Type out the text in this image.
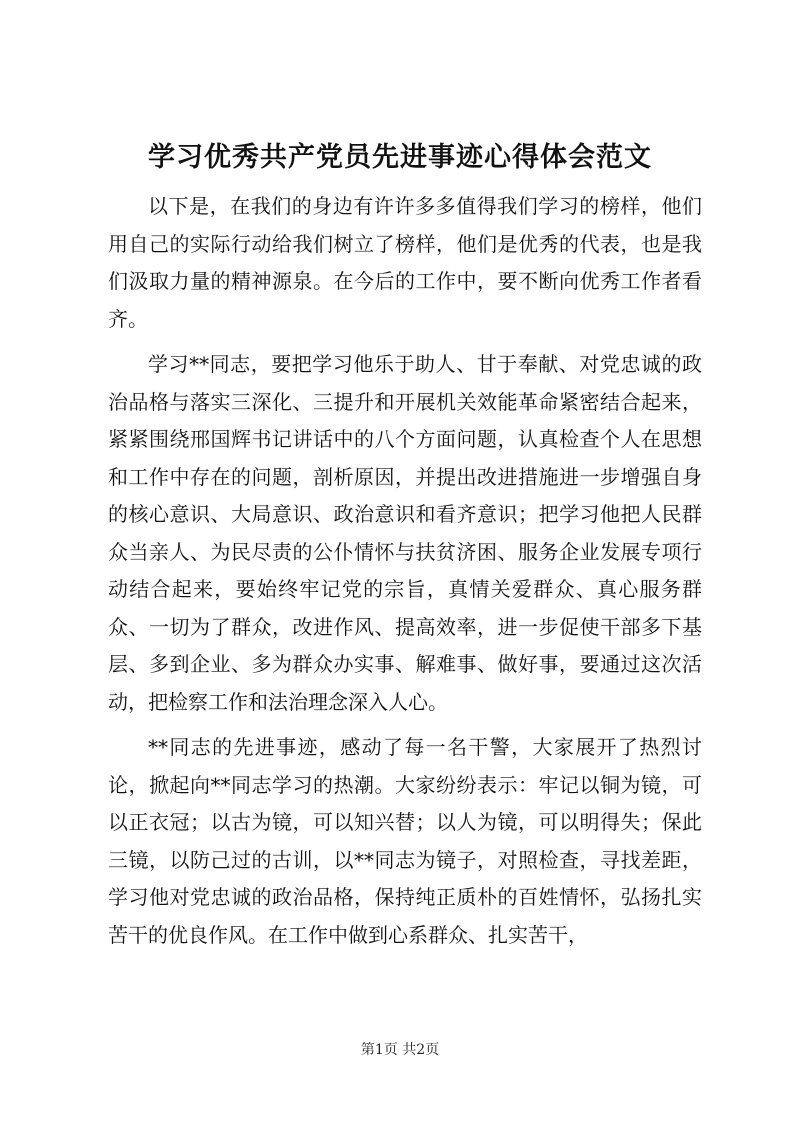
学习优秀共产党员先进事迹心得体会范文

以下是，在我们的身边有许许多多值得我们学习的榜样，他们用自己的实际行动给我们树立了榜样，他们是优秀的代表，也是我们汲取力量的精神源泉。在今后的工作中，要不断向优秀工作者看齐。

学习**同志，要把学习他乐于助人、甘于奉献、对党忠诚的政治品格与落实三深化、三提升和开展机关效能革命紧密结合起来，紧紧围绕邢国辉书记讲话中的八个方面问题，认真检查个人在思想和工作中存在的问题，剖析原因，并提出改进措施进一步增强自身的核心意识、大局意识、政治意识和看齐意识；把学习他把人民群众当亲人、为民尽责的公仆情怀与扶贫济困、服务企业发展专项行动结合起来，要始终牢记党的宗旨，真情关爱群众、真心服务群众、一切为了群众，改进作风、提高效率，进一步促使干部多下基层、多到企业、多为群众办实事、解难事、做好事，要通过这次活动，把检察工作和法治理念深入人心。

**同志的先进事迹，感动了每一名干警，大家展开了热烈讨论，掀起向**同志学习的热潮。大家纷纷表示：牢记以铜为镜，可以正衣冠；以古为镜，可以知兴替；以人为镜，可以明得失；保此三镜，以防己过的古训，以**同志为镜子，对照检查，寻找差距，学习他对党忠诚的政治品格，保持纯正质朴的百姓情怀，弘扬扎实苦干的优良作风。在工作中做到心系群众、扎实苦干，

第1页 共2页
